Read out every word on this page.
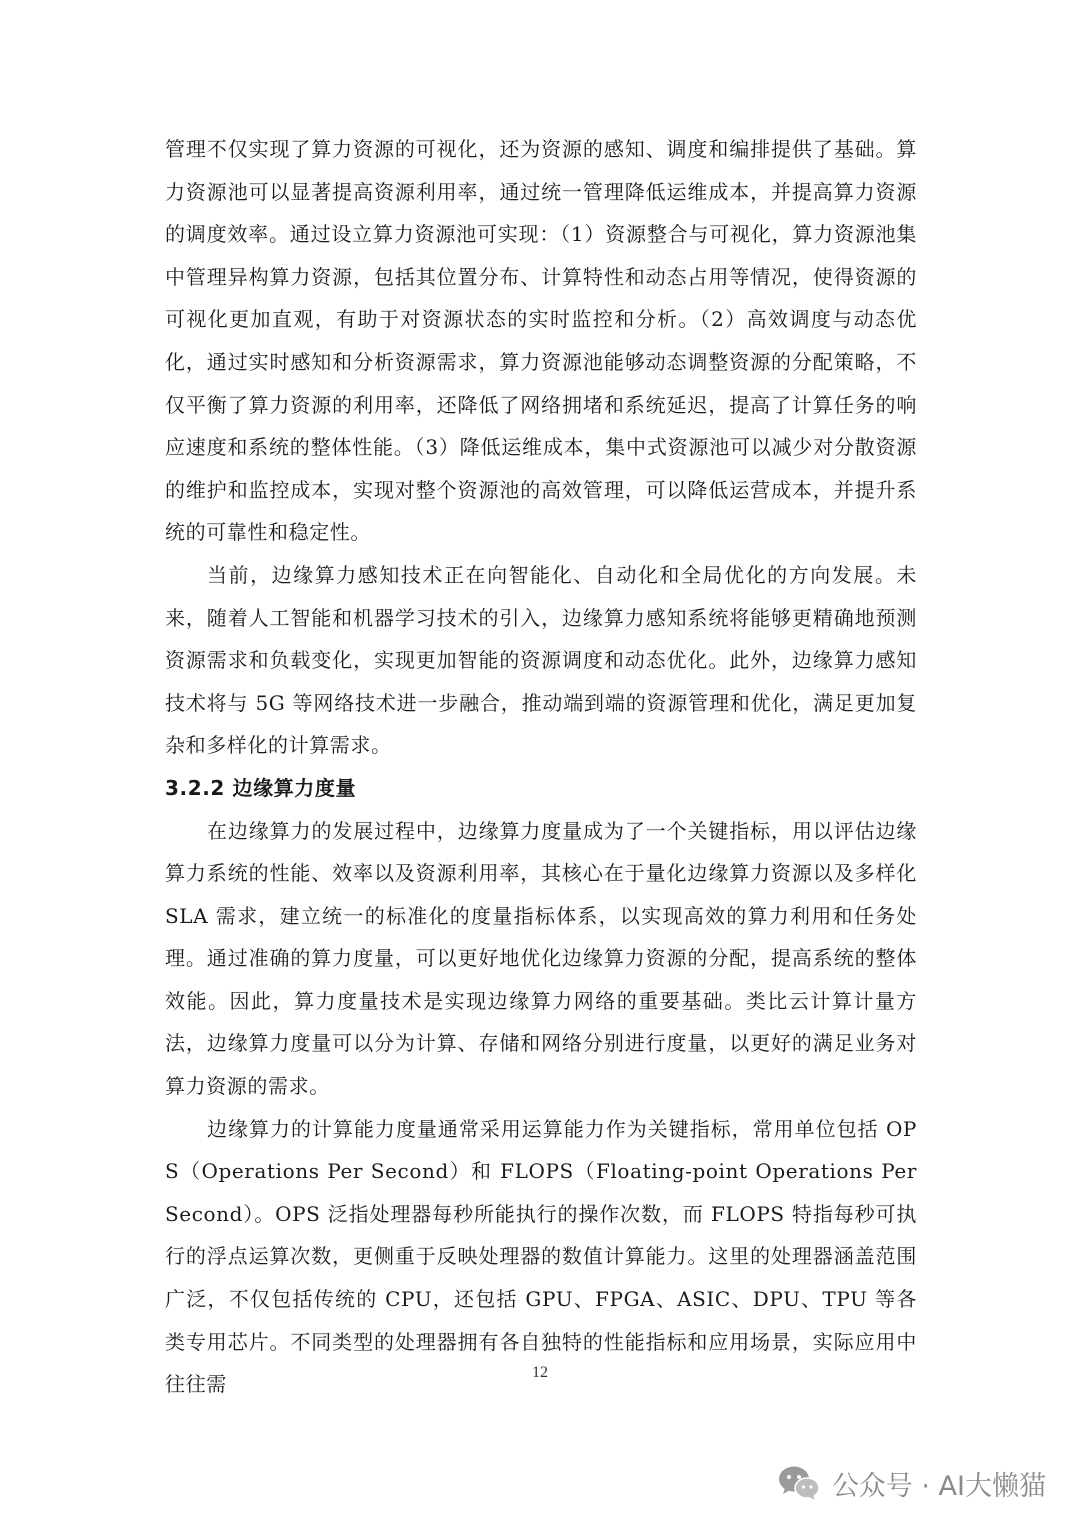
管理不仅实现了算力资源的可视化，还为资源的感知、调度和编排提供了基础。算力资源池可以显著提高资源利用率，通过统一管理降低运维成本，并提高算力资源的调度效率。通过设立算力资源池可实现：（1）资源整合与可视化，算力资源池集中管理异构算力资源，包括其位置分布、计算特性和动态占用等情况，使得资源的可视化更加直观，有助于对资源状态的实时监控和分析。（2）高效调度与动态优化，通过实时感知和分析资源需求，算力资源池能够动态调整资源的分配策略，不仅平衡了算力资源的利用率，还降低了网络拥堵和系统延迟，提高了计算任务的响应速度和系统的整体性能。（3）降低运维成本，集中式资源池可以减少对分散资源的维护和监控成本，实现对整个资源池的高效管理，可以降低运营成本，并提升系统的可靠性和稳定性。

当前，边缘算力感知技术正在向智能化、自动化和全局优化的方向发展。未来，随着人工智能和机器学习技术的引入，边缘算力感知系统将能够更精确地预测资源需求和负载变化，实现更加智能的资源调度和动态优化。此外，边缘算力感知技术将与 5G 等网络技术进一步融合，推动端到端的资源管理和优化，满足更加复杂和多样化的计算需求。

3.2.2 边缘算力度量

在边缘算力的发展过程中，边缘算力度量成为了一个关键指标，用以评估边缘算力系统的性能、效率以及资源利用率，其核心在于量化边缘算力资源以及多样化 SLA 需求，建立统一的标准化的度量指标体系，以实现高效的算力利用和任务处理。通过准确的算力度量，可以更好地优化边缘算力资源的分配，提高系统的整体效能。因此，算力度量技术是实现边缘算力网络的重要基础。类比云计算计量方法，边缘算力度量可以分为计算、存储和网络分别进行度量，以更好的满足业务对算力资源的需求。

边缘算力的计算能力度量通常采用运算能力作为关键指标，常用单位包括 OPS（Operations Per Second）和 FLOPS（Floating-point Operations Per Second）。OPS 泛指处理器每秒所能执行的操作次数，而 FLOPS 特指每秒可执行的浮点运算次数，更侧重于反映处理器的数值计算能力。这里的处理器涵盖范围广泛，不仅包括传统的 CPU，还包括 GPU、FPGA、ASIC、DPU、TPU 等各类专用芯片。不同类型的处理器拥有各自独特的性能指标和应用场景，实际应用中往往需	12
公众号 · AI大懒猫
